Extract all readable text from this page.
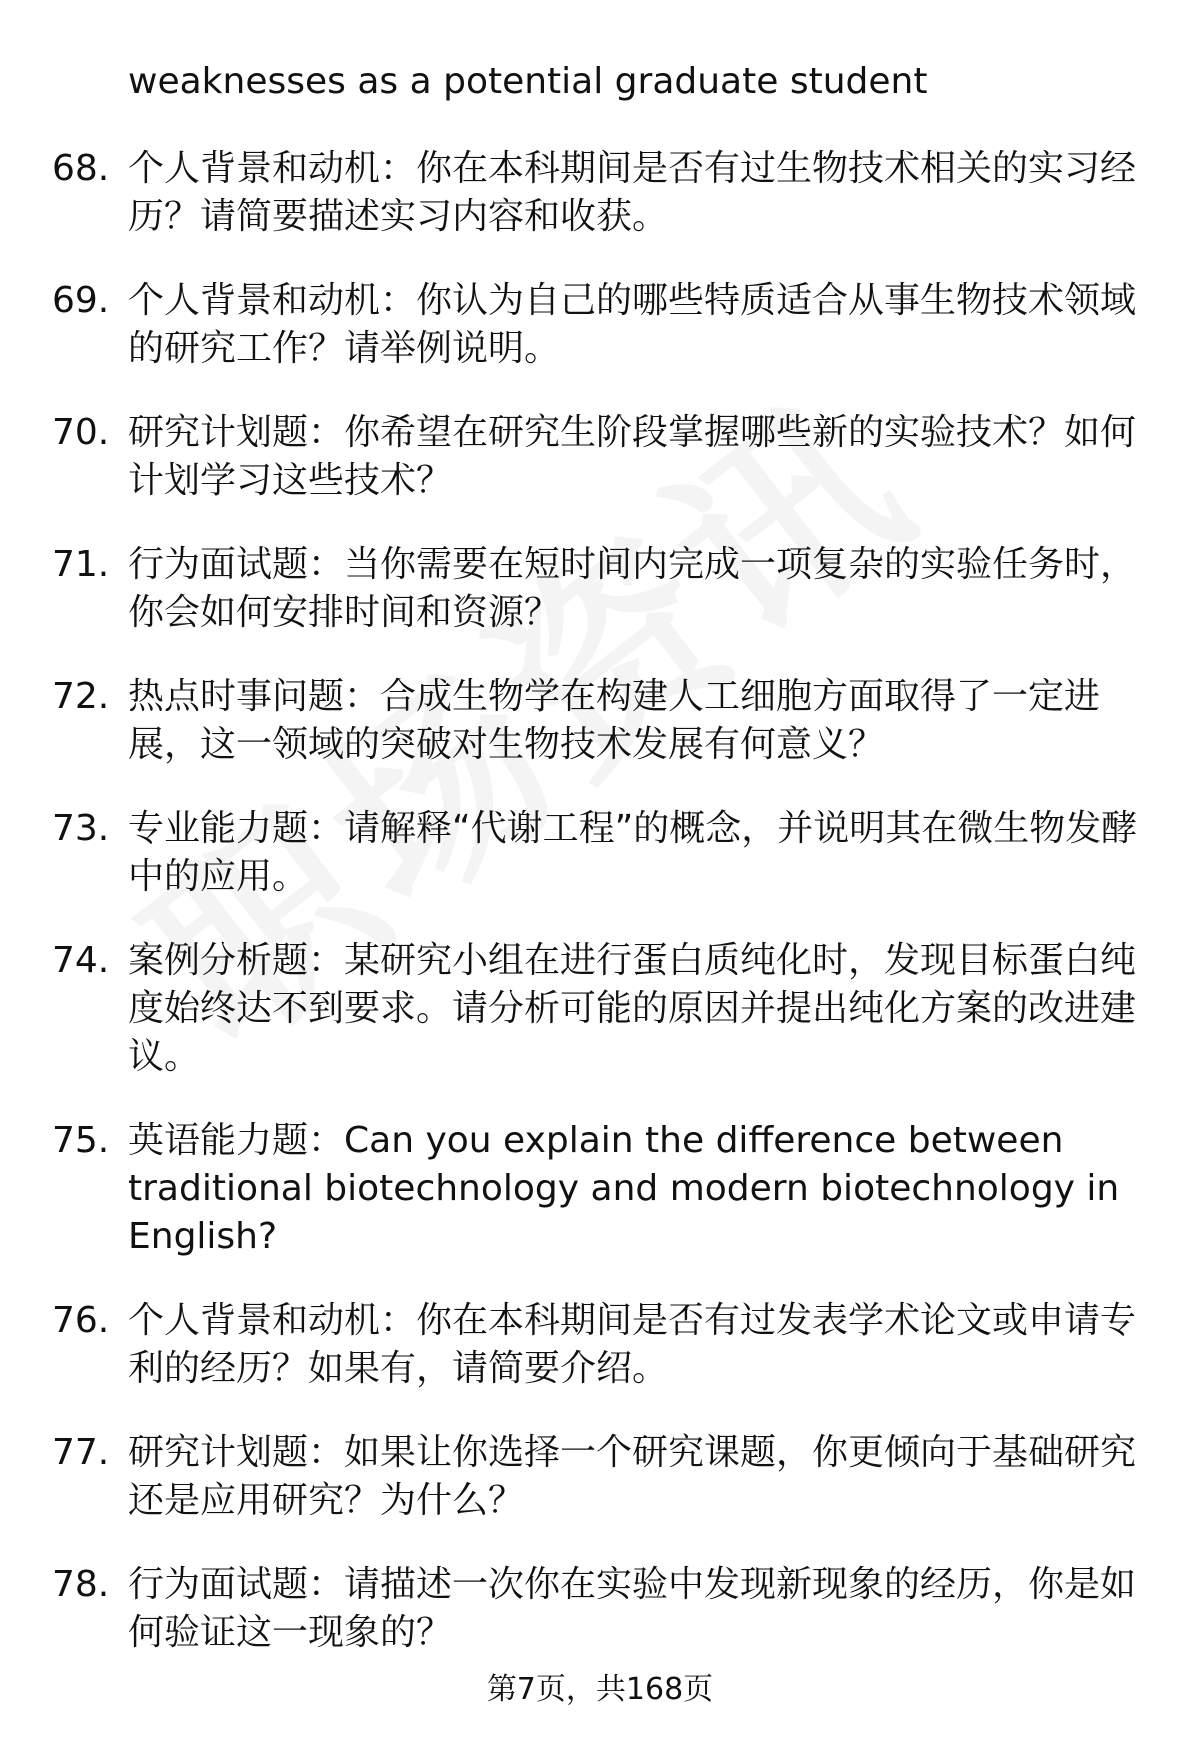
weaknesses as a potential graduate student

68. 个人背景和动机：你在本科期间是否有过生物技术相关的实习经历？请简要描述实习内容和收获。

69. 个人背景和动机：你认为自己的哪些特质适合从事生物技术领域的研究工作？请举例说明。

70. 研究计划题：你希望在研究生阶段掌握哪些新的实验技术？如何计划学习这些技术？

71. 行为面试题：当你需要在短时间内完成一项复杂的实验任务时，你会如何安排时间和资源？

72. 热点时事问题：合成生物学在构建人工细胞方面取得了一定进展，这一领域的突破对生物技术发展有何意义？

73. 专业能力题：请解释“代谢工程”的概念，并说明其在微生物发酵中的应用。

74. 案例分析题：某研究小组在进行蛋白质纯化时，发现目标蛋白纯度始终达不到要求。请分析可能的原因并提出纯化方案的改进建议。

75. 英语能力题：Can you explain the difference between traditional biotechnology and modern biotechnology in English?

76. 个人背景和动机：你在本科期间是否有过发表学术论文或申请专利的经历？如果有，请简要介绍。

77. 研究计划题：如果让你选择一个研究课题，你更倾向于基础研究还是应用研究？为什么？

78. 行为面试题：请描述一次你在实验中发现新现象的经历，你是如何验证这一现象的？

第7页，共168页
